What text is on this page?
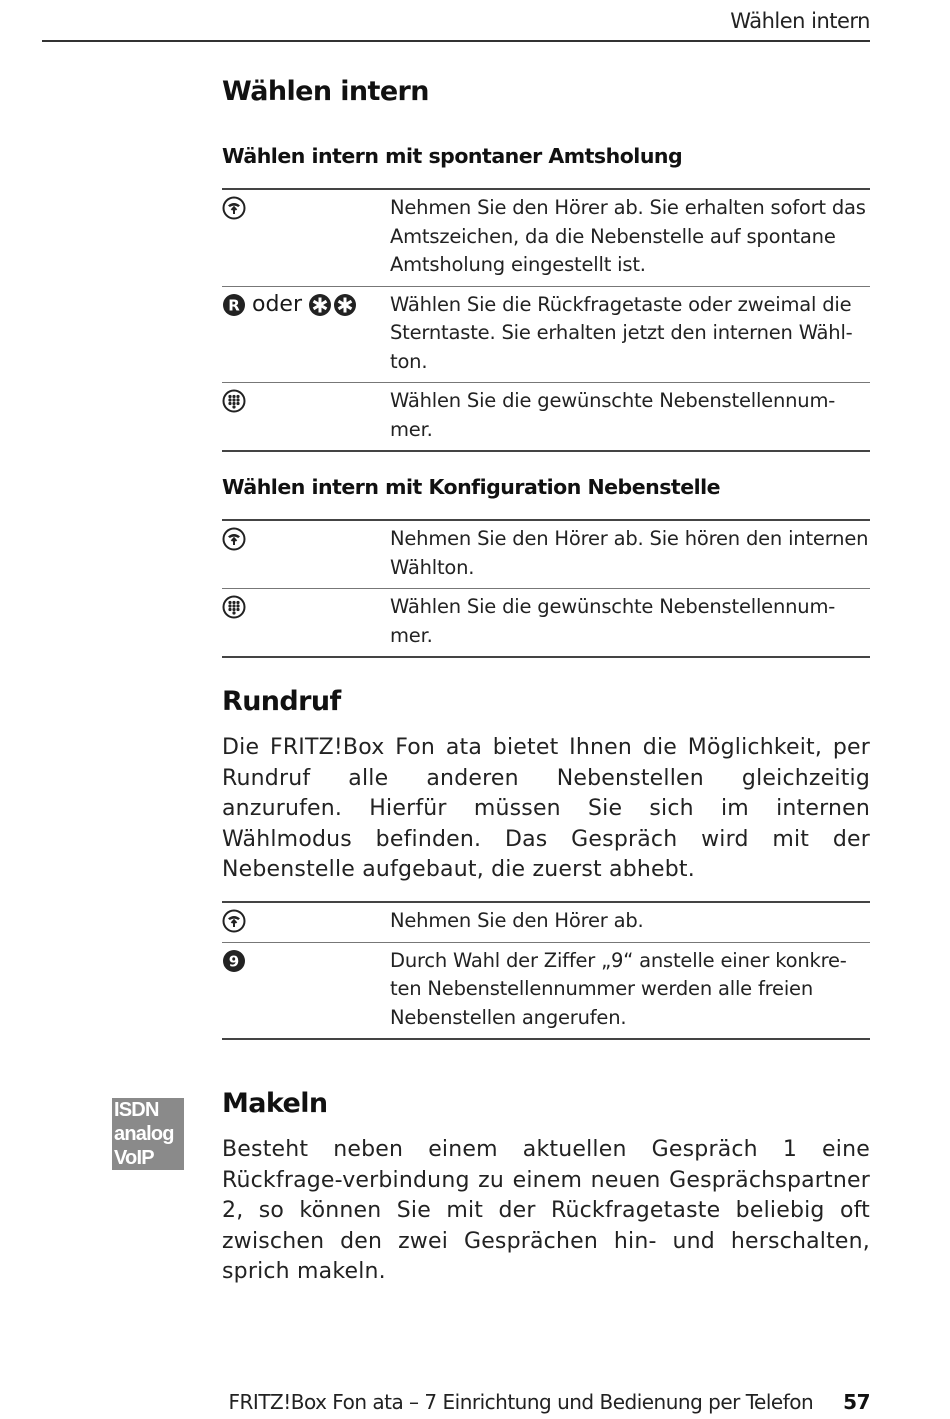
Wählen intern
Wählen intern
Wählen intern mit spontaner Amtsholung
Nehmen Sie den Hörer ab. Sie erhalten sofort das Amtszeichen, da die Nebenstelle auf spontane Amtsholung eingestellt ist.
R oder	Wählen Sie die Rückfragetaste oder zweimal die Sterntaste. Sie erhalten jetzt den internen Wähl-ton.
Wählen Sie die gewünschte Nebenstellennum-mer.
Wählen intern mit Konfiguration Nebenstelle
Nehmen Sie den Hörer ab. Sie hören den internen Wählton.
Wählen Sie die gewünschte Nebenstellennum-mer.
Rundruf

Die FRITZ!Box Fon ata bietet Ihnen die Möglichkeit, per Rundruf alle anderen Nebenstellen gleichzeitig anzurufen. Hierfür müssen Sie sich im internen Wählmodus befinden. Das Gespräch wird mit der Nebenstelle aufgebaut, die zuerst abhebt.

Nehmen Sie den Hörer ab.
9	Durch Wahl der Ziffer „9“ anstelle einer konkre-ten Nebenstellennummer werden alle freien Nebenstellen angerufen.
ISDN
analog
VoIP
Makeln

Besteht neben einem aktuellen Gespräch 1 eine Rückfrage-verbindung zu einem neuen Gesprächspartner 2, so können Sie mit der Rückfragetaste beliebig oft zwischen den zwei Gesprächen hin- und herschalten, sprich makeln.

FRITZ!Box Fon ata – 7 Einrichtung und Bedienung per Telefon 57
